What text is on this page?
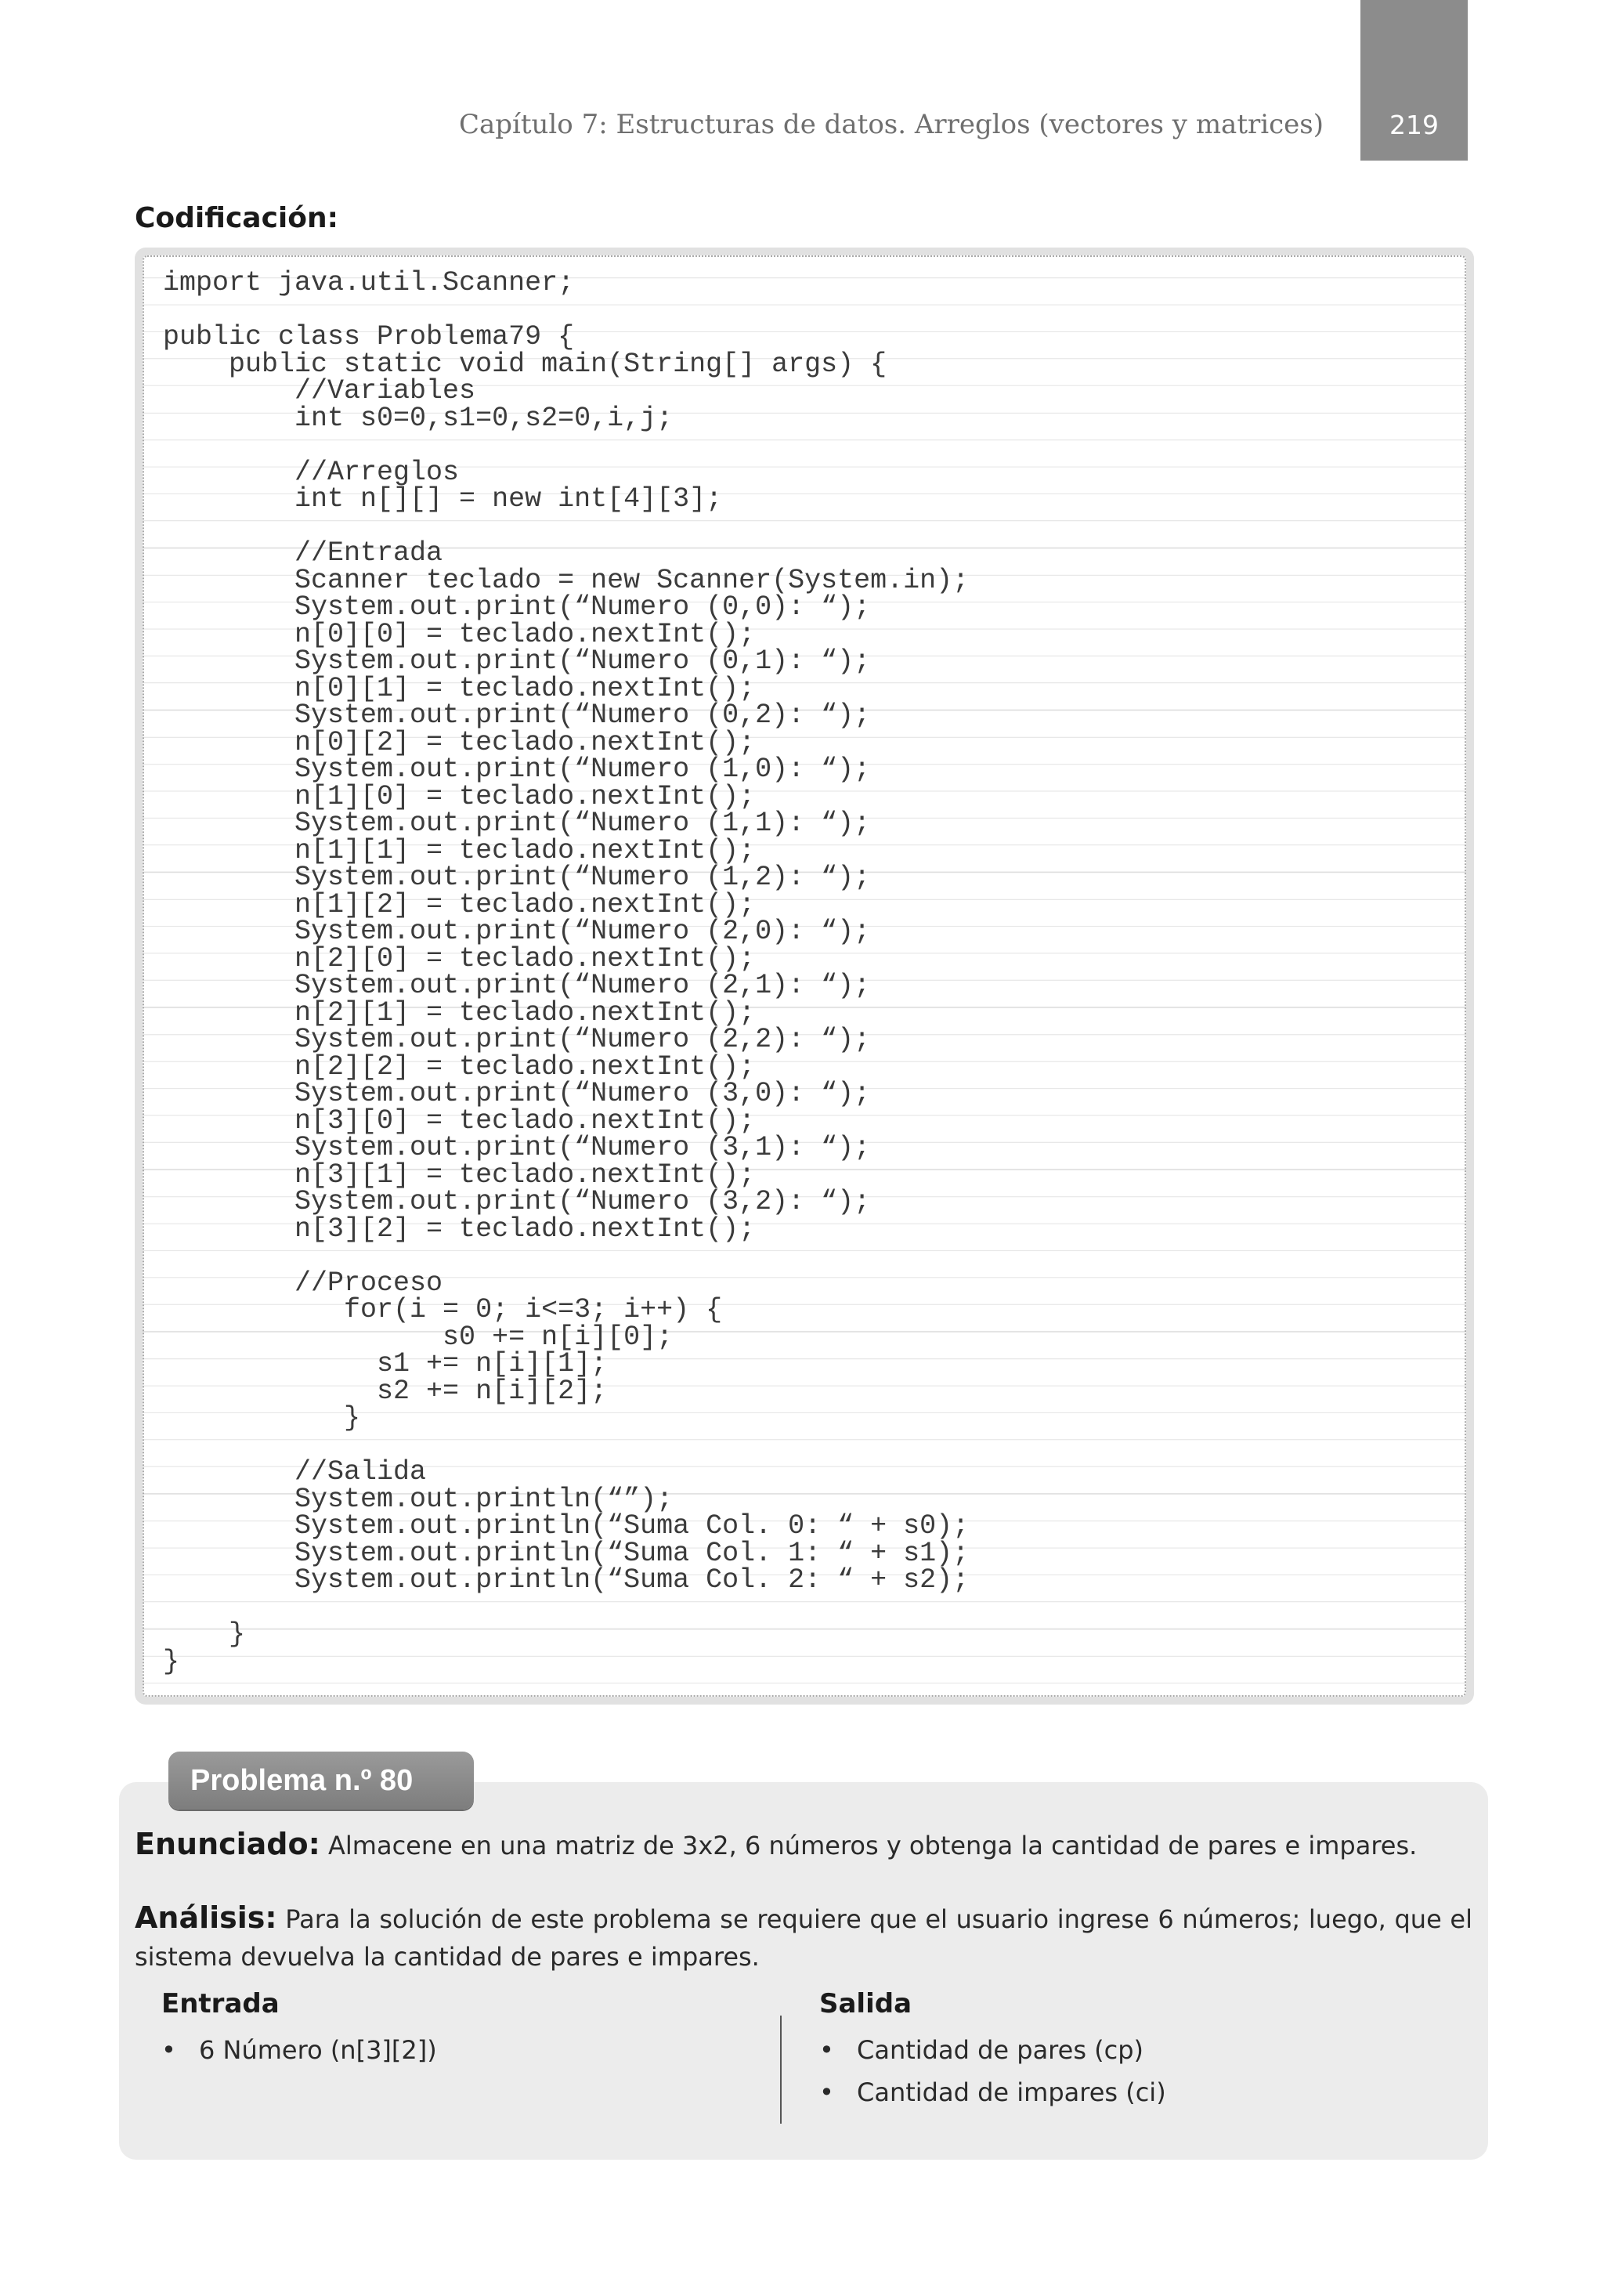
219
Capítulo 7: Estructuras de datos. Arreglos (vectores y matrices)
Codificación:
import java.util.Scanner;

public class Problema79 {
public static void main(String[] args) {
//Variables
int s0=0,s1=0,s2=0,i,j;

//Arreglos
int n[][] = new int[4][3];

//Entrada
Scanner teclado = new Scanner(System.in);
System.out.print(“Numero (0,0): “);
n[0][0] = teclado.nextInt();
System.out.print(“Numero (0,1): “);
n[0][1] = teclado.nextInt();
System.out.print(“Numero (0,2): “);
n[0][2] = teclado.nextInt();
System.out.print(“Numero (1,0): “);
n[1][0] = teclado.nextInt();
System.out.print(“Numero (1,1): “);
n[1][1] = teclado.nextInt();
System.out.print(“Numero (1,2): “);
n[1][2] = teclado.nextInt();
System.out.print(“Numero (2,0): “);
n[2][0] = teclado.nextInt();
System.out.print(“Numero (2,1): “);
n[2][1] = teclado.nextInt();
System.out.print(“Numero (2,2): “);
n[2][2] = teclado.nextInt();
System.out.print(“Numero (3,0): “);
n[3][0] = teclado.nextInt();
System.out.print(“Numero (3,1): “);
n[3][1] = teclado.nextInt();
System.out.print(“Numero (3,2): “);
n[3][2] = teclado.nextInt();

//Proceso
for(i = 0; i<=3; i++) {
s0 += n[i][0];
s1 += n[i][1];
s2 += n[i][2];
}

//Salida
System.out.println(“”);
System.out.println(“Suma Col. 0: “ + s0);
System.out.println(“Suma Col. 1: “ + s1);
System.out.println(“Suma Col. 2: “ + s2);

}
}
Problema n.º 80
Enunciado: Almacene en una matriz de 3x2, 6 números y obtenga la cantidad de pares e impares.
Análisis: Para la solución de este problema se requiere que el usuario ingrese 6 números; luego, que el sistema devuelva la cantidad de pares e impares.
Entrada
• 6 Número (n[3][2])
Salida
• Cantidad de pares (cp)
• Cantidad de impares (ci)
